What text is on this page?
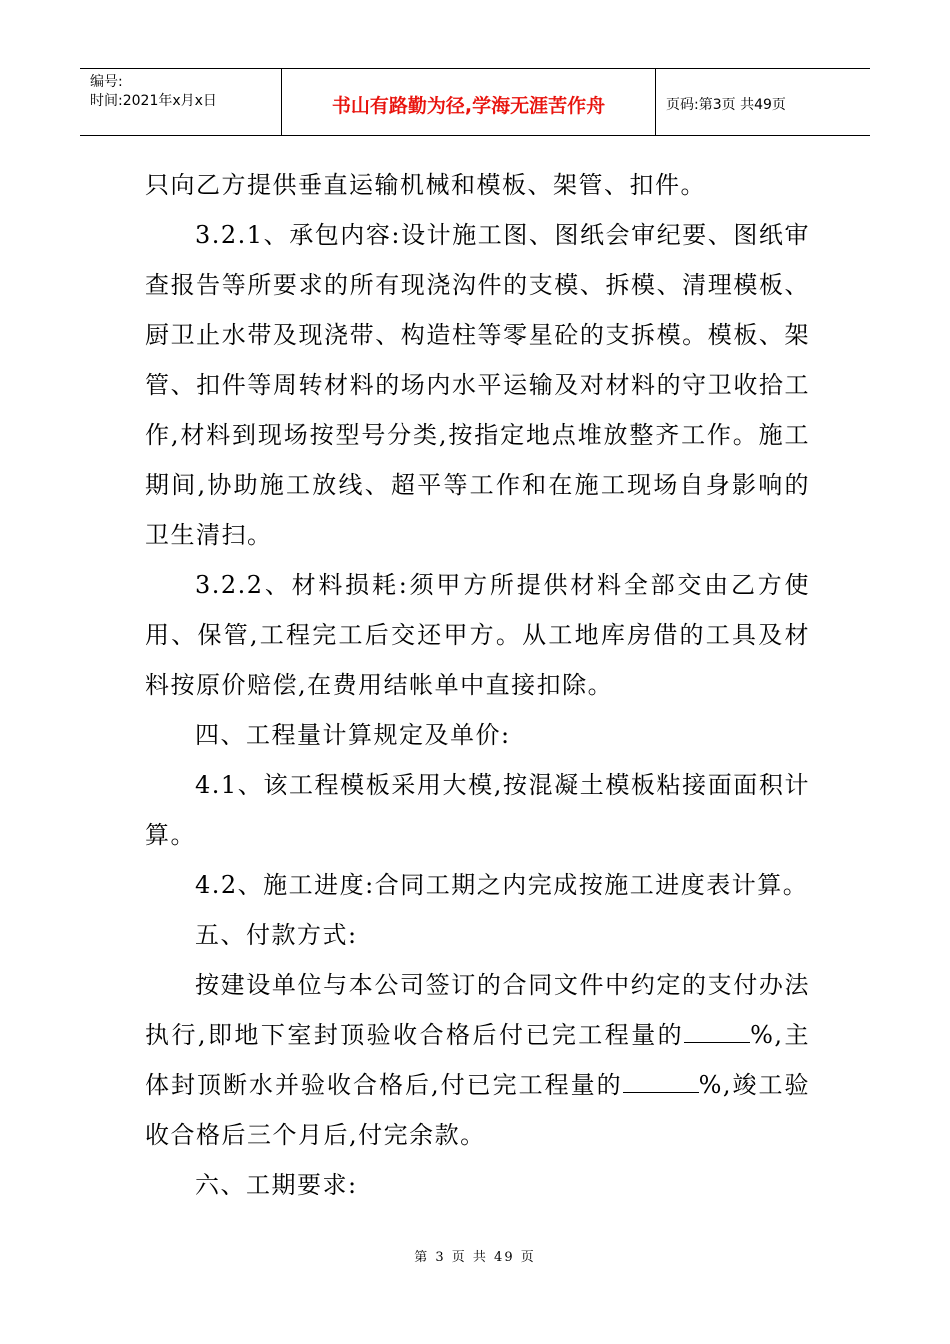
编号:
时间:2021年x月x日	书山有路勤为径,学海无涯苦作舟	页码:第3页 共49页

只向乙方提供垂直运输机械和模板、架管、扣件。

3.2.1、承包内容:设计施工图、图纸会审纪要、图纸审查报告等所要求的所有现浇沟件的支模、拆模、清理模板、厨卫止水带及现浇带、构造柱等零星砼的支拆模。模板、架管、扣件等周转材料的场内水平运输及对材料的守卫收拾工作,材料到现场按型号分类,按指定地点堆放整齐工作。施工期间,协助施工放线、超平等工作和在施工现场自身影响的卫生清扫。

3.2.2、材料损耗:须甲方所提供材料全部交由乙方使用、保管,工程完工后交还甲方。从工地库房借的工具及材料按原价赔偿,在费用结帐单中直接扣除。

四、工程量计算规定及单价:

4.1、该工程模板采用大模,按混凝土模板粘接面面积计算。

4.2、施工进度:合同工期之内完成按施工进度表计算。

五、付款方式:

按建设单位与本公司签订的合同文件中约定的支付办法执行,即地下室封顶验收合格后付已完工程量的	%,主体封顶断水并验收合格后,付已完工程量的	%,竣工验收合格后三个月后,付完余款。

六、工期要求:

第 3 页 共 49 页
